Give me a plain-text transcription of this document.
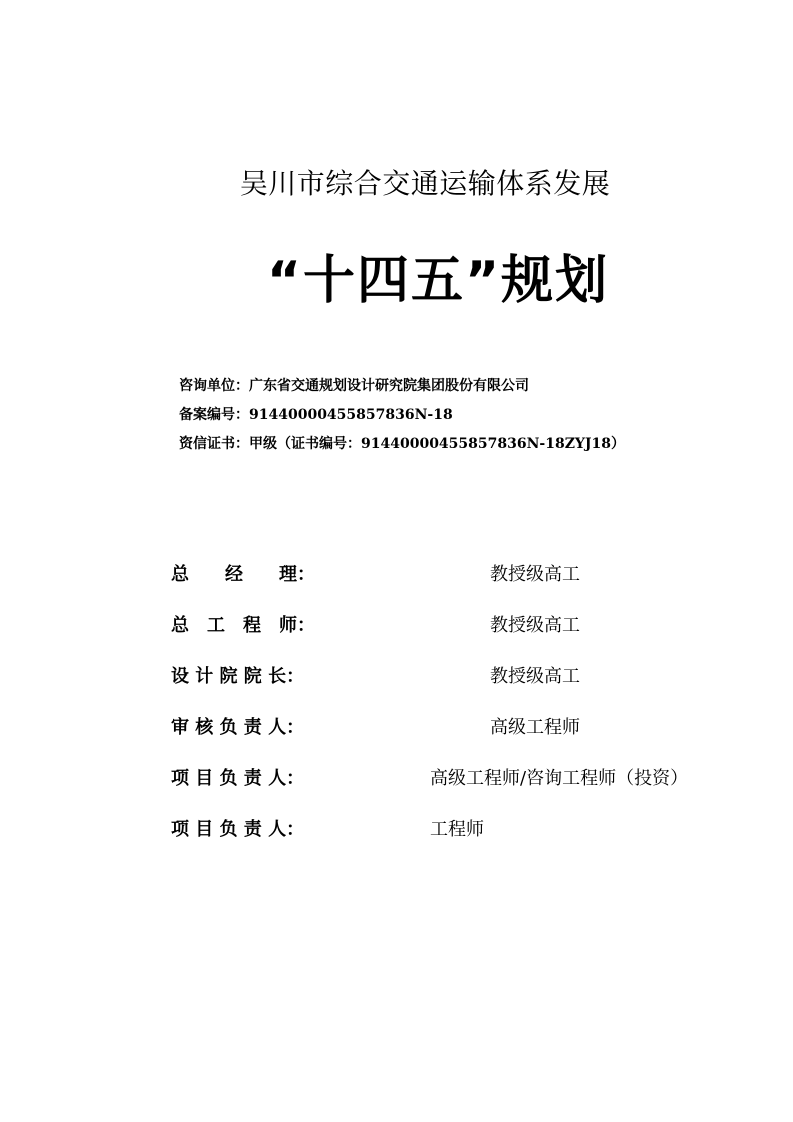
吴川市综合交通运输体系发展
“十四五”规划
咨询单位：广东省交通规划设计研究院集团股份有限公司
备案编号：91440000455857836N-18
资信证书：甲级（证书编号：91440000455857836N-18ZYJ18）
总　　经　　理：	教授级高工
总　工　程　师：	教授级高工
设 计 院 院 长：	教授级高工
审 核 负 责 人：	高级工程师
项 目 负 责 人：	高级工程师/咨询工程师（投资）
项 目 负 责 人：	工程师
